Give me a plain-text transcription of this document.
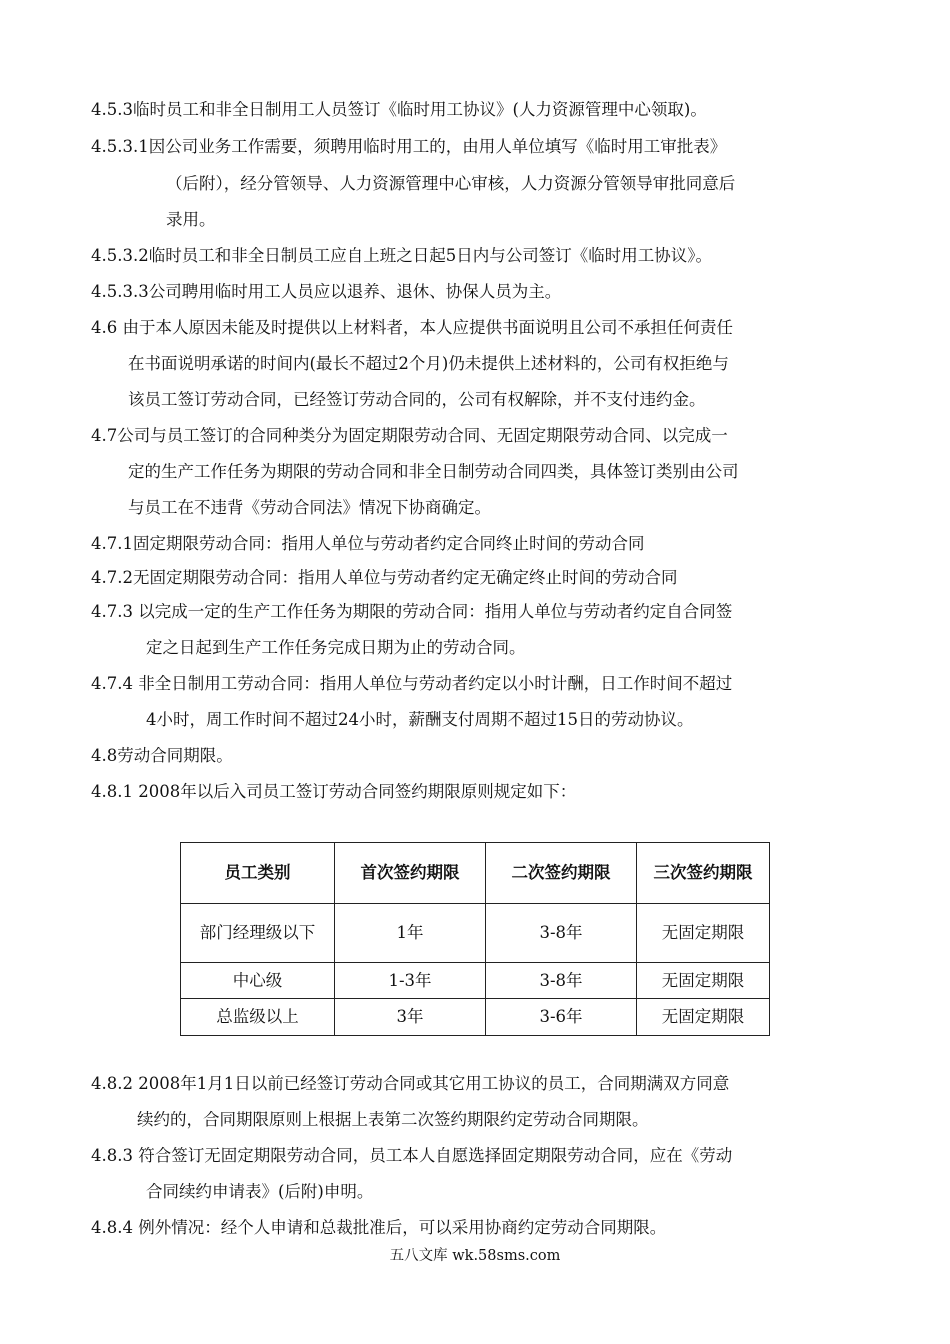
4.5.3临时员工和非全日制用工人员签订《临时用工协议》(人力资源管理中心领取)。
4.5.3.1因公司业务工作需要，须聘用临时用工的，由用人单位填写《临时用工审批表》
（后附），经分管领导、人力资源管理中心审核，人力资源分管领导审批同意后
录用。
4.5.3.2临时员工和非全日制员工应自上班之日起5日内与公司签订《临时用工协议》。
4.5.3.3公司聘用临时用工人员应以退养、退休、协保人员为主。
4.6 由于本人原因未能及时提供以上材料者，本人应提供书面说明且公司不承担任何责任
在书面说明承诺的时间内(最长不超过2个月)仍未提供上述材料的，公司有权拒绝与
该员工签订劳动合同，已经签订劳动合同的，公司有权解除，并不支付违约金。
4.7公司与员工签订的合同种类分为固定期限劳动合同、无固定期限劳动合同、以完成一
定的生产工作任务为期限的劳动合同和非全日制劳动合同四类，具体签订类别由公司
与员工在不违背《劳动合同法》情况下协商确定。
4.7.1固定期限劳动合同：指用人单位与劳动者约定合同终止时间的劳动合同
4.7.2无固定期限劳动合同：指用人单位与劳动者约定无确定终止时间的劳动合同
4.7.3 以完成一定的生产工作任务为期限的劳动合同：指用人单位与劳动者约定自合同签
定之日起到生产工作任务完成日期为止的劳动合同。
4.7.4 非全日制用工劳动合同：指用人单位与劳动者约定以小时计酬，日工作时间不超过
4小时，周工作时间不超过24小时，薪酬支付周期不超过15日的劳动协议。
4.8劳动合同期限。
4.8.1 2008年以后入司员工签订劳动合同签约期限原则规定如下：
员工类别	首次签约期限	二次签约期限	三次签约期限
部门经理级以下	1年	3-8年	无固定期限
中心级	1-3年	3-8年	无固定期限
总监级以上	3年	3-6年	无固定期限
4.8.2 2008年1月1日以前已经签订劳动合同或其它用工协议的员工，合同期满双方同意
续约的，合同期限原则上根据上表第二次签约期限约定劳动合同期限。
4.8.3 符合签订无固定期限劳动合同，员工本人自愿选择固定期限劳动合同，应在《劳动
合同续约申请表》(后附)申明。
4.8.4 例外情况：经个人申请和总裁批准后，可以采用协商约定劳动合同期限。
五八文库 wk.58sms.com
